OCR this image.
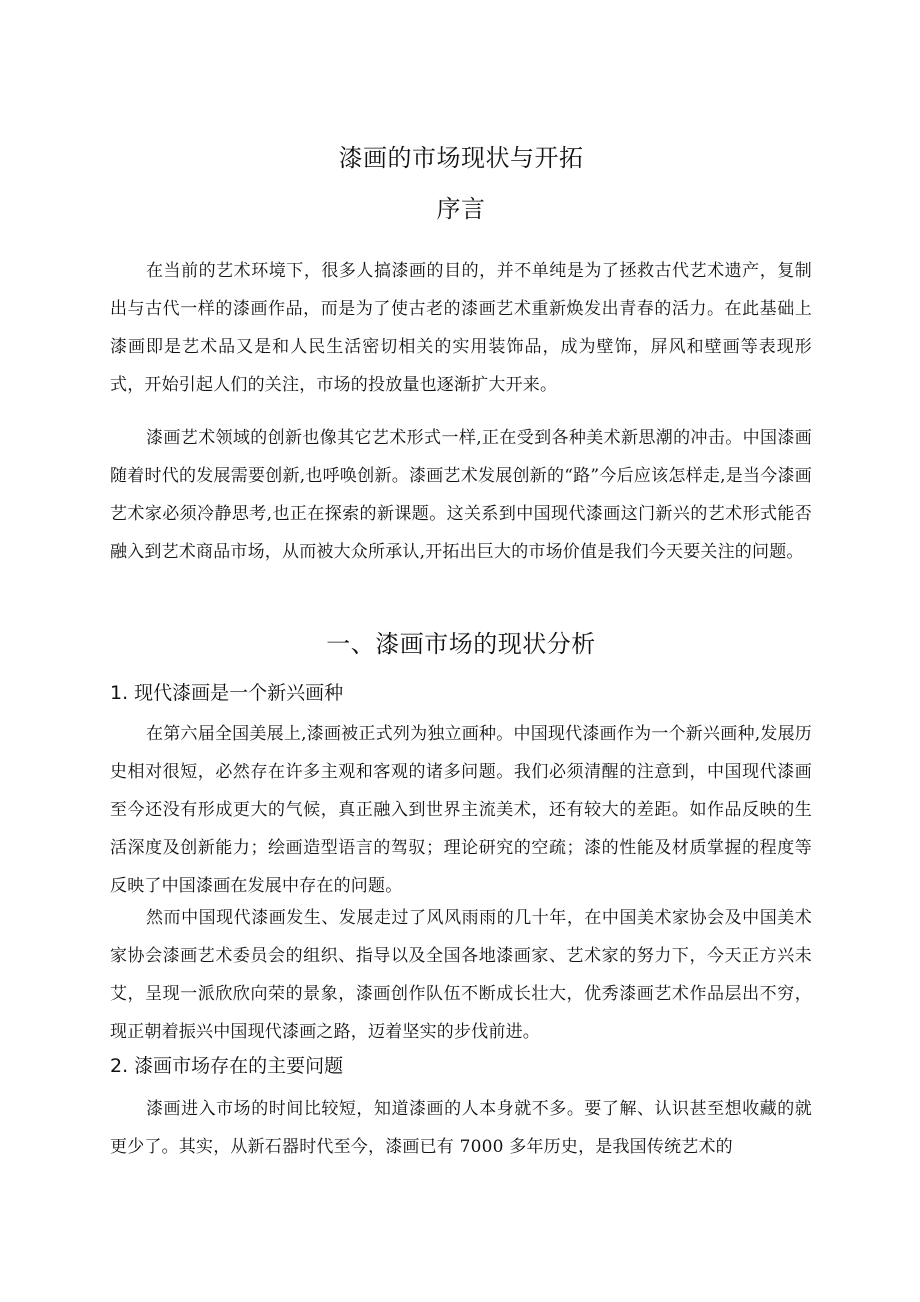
漆画的市场现状与开拓
序言

在当前的艺术环境下，很多人搞漆画的目的，并不单纯是为了拯救古代艺术遗产，复制出与古代一样的漆画作品，而是为了使古老的漆画艺术重新焕发出青春的活力。在此基础上漆画即是艺术品又是和人民生活密切相关的实用装饰品，成为壁饰，屏风和壁画等表现形式，开始引起人们的关注，市场的投放量也逐渐扩大开来。

漆画艺术领域的创新也像其它艺术形式一样,正在受到各种美术新思潮的冲击。中国漆画随着时代的发展需要创新,也呼唤创新。漆画艺术发展创新的“路”今后应该怎样走,是当今漆画艺术家必须冷静思考,也正在探索的新课题。这关系到中国现代漆画这门新兴的艺术形式能否融入到艺术商品市场，从而被大众所承认,开拓出巨大的市场价值是我们今天要关注的问题。

一、漆画市场的现状分析
1. 现代漆画是一个新兴画种

在第六届全国美展上,漆画被正式列为独立画种。中国现代漆画作为一个新兴画种,发展历史相对很短，必然存在许多主观和客观的诸多问题。我们必须清醒的注意到，中国现代漆画至今还没有形成更大的气候，真正融入到世界主流美术，还有较大的差距。如作品反映的生活深度及创新能力；绘画造型语言的驾驭；理论研究的空疏；漆的性能及材质掌握的程度等反映了中国漆画在发展中存在的问题。

然而中国现代漆画发生、发展走过了风风雨雨的几十年，在中国美术家协会及中国美术家协会漆画艺术委员会的组织、指导以及全国各地漆画家、艺术家的努力下，今天正方兴未艾，呈现一派欣欣向荣的景象，漆画创作队伍不断成长壮大，优秀漆画艺术作品层出不穷，现正朝着振兴中国现代漆画之路，迈着坚实的步伐前进。

2. 漆画市场存在的主要问题

漆画进入市场的时间比较短，知道漆画的人本身就不多。要了解、认识甚至想收藏的就更少了。其实，从新石器时代至今，漆画已有 7000 多年历史，是我国传统艺术的
